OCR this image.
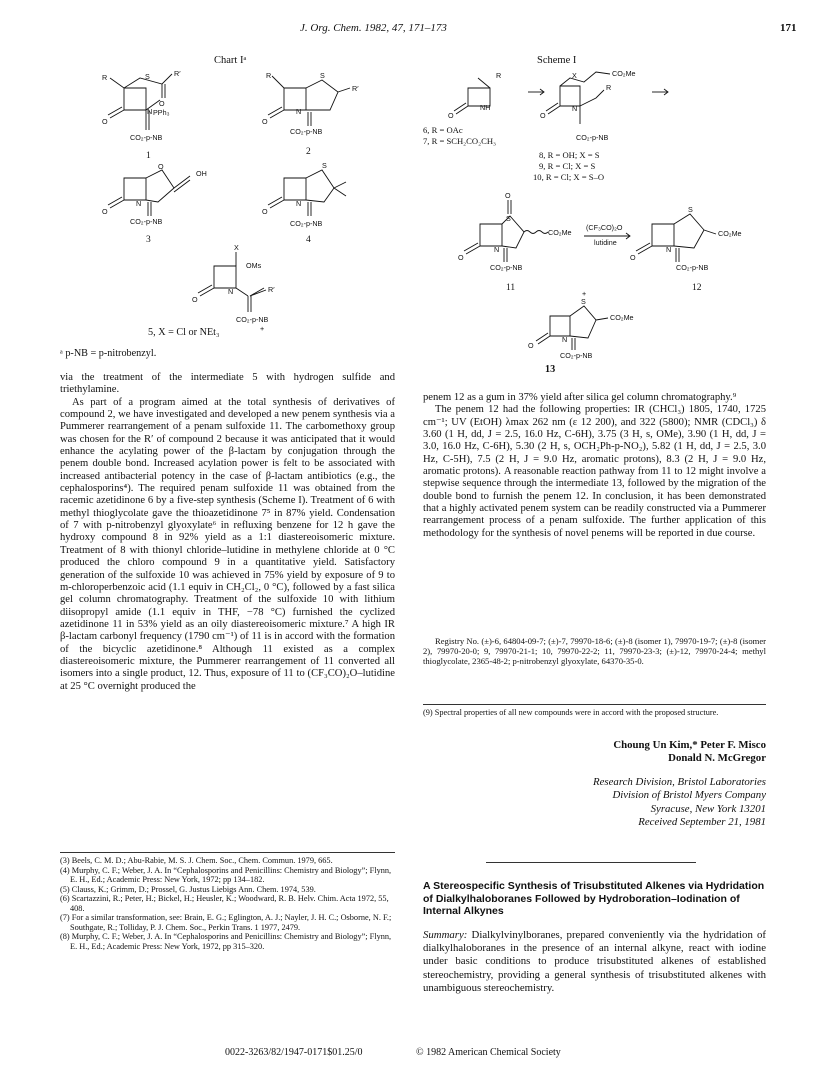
J. Org. Chem. 1982, 47, 171–173	171
Chart Iᵃ
R	S	R′
O
N PPh₃
O
CO₂-p-NB
1
R	S
R′
N
O
CO₂-p-NB
2
O
OH
N
O
CO₂-p-NB
3
S
N
O
CO₂-p-NB
4
X
OMs
N
O
R′
CO₂-p-NB
+
5, X = Cl or NEt₃
ᵃ p-NB = p-nitrobenzyl.
Scheme I
R
NH
O
X	CO₂Me
N
R
O
CO₂-p-NB
O
S
CO₂Me
N
O
CO₂-p-NB
11
(CF₃CO)₂O
lutidine
S
CO₂Me
N
O
CO₂-p-NB
12
+
S
CO₂Me
N
O
CO₂-p-NB
6, R = OAc
7, R = SCH₂CO₂CH₃
8, R = OH; X = S
9, R = Cl; X = S
10, R = Cl; X = S–O
13

via the treatment of the intermediate 5 with hydrogen sulfide and triethylamine.

As part of a program aimed at the total synthesis of derivatives of compound 2, we have investigated and developed a new penem synthesis via a Pummerer rearrangement of a penam sulfoxide 11. The carbomethoxy group was chosen for the R′ of compound 2 because it was anticipated that it would enhance the acylating power of the β-lactam by conjugation through the penem double bond. Increased acylation power is felt to be associated with increased antibacterial potency in the case of β-lactam antibiotics (e.g., the cephalosporins⁴). The required penam sulfoxide 11 was obtained from the racemic azetidinone 6 by a five-step synthesis (Scheme I). Treatment of 6 with methyl thioglycolate gave the thioazetidinone 7⁵ in 87% yield. Condensation of 7 with p-nitrobenzyl glyoxylate⁶ in refluxing benzene for 12 h gave the hydroxy compound 8 in 92% yield as a 1:1 diastereoisomeric mixture. Treatment of 8 with thionyl chloride–lutidine in methylene chloride at 0 °C produced the chloro compound 9 in a quantitative yield. Satisfactory generation of the sulfoxide 10 was achieved in 75% yield by exposure of 9 to m-chloroperbenzoic acid (1.1 equiv in CH₂Cl₂, 0 °C), followed by a fast silica gel column chromatography. Treatment of the sulfoxide 10 with lithium diisopropyl amide (1.1 equiv in THF, −78 °C) furnished the cyclized azetidinone 11 in 53% yield as an oily diastereoisomeric mixture.⁷ A high IR β-lactam carbonyl frequency (1790 cm⁻¹) of 11 is in accord with the formation of the bicyclic azetidinone.⁸ Although 11 existed as a complex diastereoisomeric mixture, the Pummerer rearrangement of 11 converted all isomers into a single product, 12. Thus, exposure of 11 to (CF₃CO)₂O–lutidine at 25 °C overnight produced the

(3) Beels, C. M. D.; Abu-Rabie, M. S. J. Chem. Soc., Chem. Commun. 1979, 665.
(4) Murphy, C. F.; Weber, J. A. In “Cephalosporins and Penicillins: Chemistry and Biology”; Flynn, E. H., Ed.; Academic Press: New York, 1972; pp 134–182.
(5) Clauss, K.; Grimm, D.; Prossel, G. Justus Liebigs Ann. Chem. 1974, 539.
(6) Scartazzini, R.; Peter, H.; Bickel, H.; Heusler, K.; Woodward, R. B. Helv. Chim. Acta 1972, 55, 408.
(7) For a similar transformation, see: Brain, E. G.; Eglington, A. J.; Nayler, J. H. C.; Osborne, N. F.; Southgate, R.; Tolliday, P. J. Chem. Soc., Perkin Trans. 1 1977, 2479.
(8) Murphy, C. F.; Weber, J. A. In “Cephalosporins and Penicillins: Chemistry and Biology”; Flynn, E. H., Ed.; Academic Press: New York, 1972, pp 315–320.

penem 12 as a gum in 37% yield after silica gel column chromatography.⁹

The penem 12 had the following properties: IR (CHCl₃) 1805, 1740, 1725 cm⁻¹; UV (EtOH) λmax 262 nm (ε 12 200), and 322 (5800); NMR (CDCl₃) δ 3.60 (1 H, dd, J = 2.5, 16.0 Hz, C-6H), 3.75 (3 H, s, OMe), 3.90 (1 H, dd, J = 3.0, 16.0 Hz, C-6H), 5.30 (2 H, s, OCH₂Ph-p-NO₂), 5.82 (1 H, dd, J = 2.5, 3.0 Hz, C-5H), 7.5 (2 H, J = 9.0 Hz, aromatic protons), 8.3 (2 H, J = 9.0 Hz, aromatic protons). A reasonable reaction pathway from 11 to 12 might involve a stepwise sequence through the intermediate 13, followed by the migration of the double bond to furnish the penem 12. In conclusion, it has been demonstrated that a highly activated penem system can be readily constructed via a Pummerer rearrangement process of a penam sulfoxide. The further application of this methodology for the synthesis of novel penems will be reported in due course.

Registry No. (±)-6, 64804-09-7; (±)-7, 79970-18-6; (±)-8 (isomer 1), 79970-19-7; (±)-8 (isomer 2), 79970-20-0; 9, 79970-21-1; 10, 79970-22-2; 11, 79970-23-3; (±)-12, 79970-24-4; methyl thioglycolate, 2365-48-2; p-nitrobenzyl glyoxylate, 64370-35-0.
(9) Spectral properties of all new compounds were in accord with the proposed structure.
Choung Un Kim,* Peter F. Misco
Donald N. McGregor
Research Division, Bristol Laboratories
Division of Bristol Myers Company
Syracuse, New York 13201
Received September 21, 1981
A Stereospecific Synthesis of Trisubstituted Alkenes via Hydridation of Dialkylhaloboranes Followed by Hydroboration–Iodination of Internal Alkynes
Summary: Dialkylvinylboranes, prepared conveniently via the hydridation of dialkylhaloboranes in the presence of an internal alkyne, react with iodine under basic conditions to produce trisubstituted alkenes of established stereochemistry, providing a general synthesis of trisubstituted alkenes with unambiguous stereochemistry.
0022-3263/82/1947-0171$01.25/0	© 1982 American Chemical Society
